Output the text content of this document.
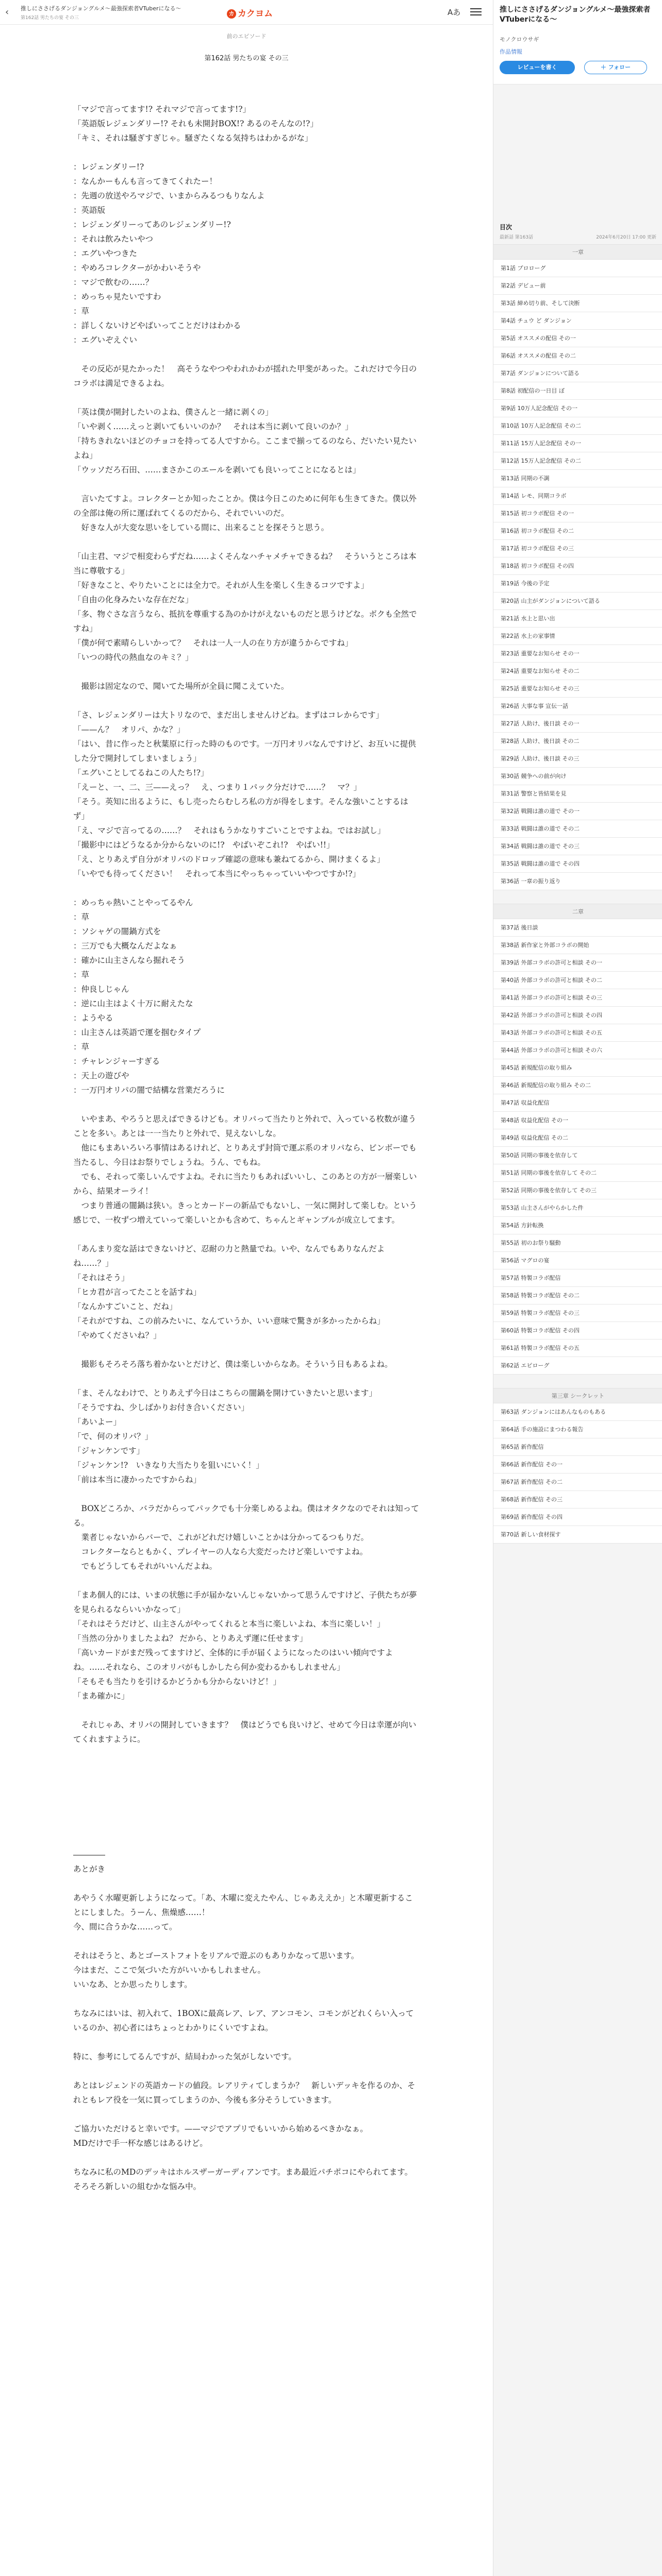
‹	推しにささげるダンジョングルメ～最強探索者VTuberになる～
第162話 男たちの宴 その三
カ カクヨム	Aあ
前のエピソード
第162話 男たちの宴 その三

「マジで言ってます!? それマジで言ってます!?」

「英語版レジェンダリー!? それも未開封BOX!? あるのそんなの!?」

「キミ、それは騒ぎすぎじゃ。騒ぎたくなる気持ちはわかるがな」

：レジェンダリー!?

：なんかーもんも言ってきてくれたー！

：先週の放送やろマジで、いまからみるつもりなんよ

：英語版

：レジェンダリーってあのレジェンダリー!?

：それは飲みたいやつ

：エグいやつきた

：やめろコレクターがかわいそうや

：マジで飲むの……？

：めっちゃ見たいですわ

：草

：詳しくないけどやばいってことだけはわかる

：エグいぞえぐい

　その反応が見たかった！　高そうなやつやわれかわが揺れた甲斐があった。これだけで今日のコラボは満足できるよね。

「英は僕が開封したいのよね、僕さんと一緒に剥くの」

「いや剥く……えっと剥いてもいいのか？　それは本当に剥いて良いのか？」

「持ちきれないほどのチョコを持ってる人ですから。ここまで揃ってるのなら、だいたい見たいよね」

「ウッソだろ石田、……まさかこのエールを剥いても良いってことになるとは」

　言いたてすよ。コレクターとか知ったことか。僕は今日このために何年も生きてきた。僕以外の全部は俺の所に運ばれてくるのだから、それでいいのだ。

　好きな人が大変な思いをしている間に、出来ることを探そうと思う。

「山主君、マジで相変わらずだね……よくそんなハチャメチャできるね？　そういうところは本当に尊敬する」

「好きなこと、やりたいことには全力で。それが人生を楽しく生きるコツですよ」

「自由の化身みたいな存在だな」

「多、物ぐさな言うなら、抵抗を尊重する為のかけがえないものだと思うけどな。ボクも全然ですね」

「僕が何で素晴らしいかって？　それは一人一人の在り方が違うからですね」

「いつの時代の熱血なのキミ？」

　撮影は固定なので、聞いてた場所が全員に聞こえていた。

「さ、レジェンダリーは大トリなので、まだ出しませんけどね。まずはコレからです」

「——ん？　オリパ、かな？」

「はい、昔に作ったと秋葉原に行った時のものです。一万円オリパなんですけど、お互いに提供した分で開封してしまいましょう」

「エグいことしてるねこの人たち!?」

「えーと、一、二、三——えっ？　え、つまり１パック分だけで……？　マ？」

「そう。英知に出るように、もし売ったらむしろ私の方が得をします。そんな強いことするはず」

「え、マジで言ってるの……？　それはもうかなりすごいことですよね。ではお試し」

「撮影中にはどうなるか分からないのに!?　やばいぞこれ!?　やばい!!」

「え、とりあえず自分がオリパのドロップ確認の意味も兼ねてるから、開けまくるよ」

「いやでも待ってください！　それって本当にやっちゃっていいやつですか!?」

：めっちゃ熱いことやってるやん

：草

：ソシャゲの闇鍋方式を

：三万でも大概なんだよなぁ

：確かに山主さんなら掘れそう

：草

：仲良しじゃん

：逆に山主はよく十万に耐えたな

：ようやる

：山主さんは英語で運を掴むタイプ

：草

：チャレンジャーすぎる

：天上の遊びや

：一万円オリパの闇で結構な営業だろうに

　いやまあ、やろうと思えばできるけども。オリパって当たりと外れで、入っている枚数が違うことを多い。あとは一一当たりと外れで、見えないしな。

　他にもまあいろいろ事情はあるけれど、とりあえず封筒で運ぶ系のオリパなら、ビンボーでも当たるし、今日はお祭りでしょうね。うん、でもね。

　でも、それって楽しいんですよね。それに当たりもあればいいし、このあとの方が一層楽しいから、結果オーライ！

　つまり普通の闇鍋は狭い。きっとカードーの新品でもないし、一気に開封して楽しむ。という感じで、一枚ずつ増えていって楽しいとかも含めて、ちゃんとギャンブルが成立してます。

「あんまり変な話はできないけど、忍耐の力と熱量でね。いや、なんでもありなんだよね……？」

「それはそう」

「ヒカ君が言ってたことを話すね」

「なんかすごいこと、だね」

「それがですね、この前みたいに、なんていうか、いい意味で驚きが多かったからね」

「やめてくださいね？」

　撮影もそろそろ落ち着かないとだけど、僕は楽しいからなあ。そういう日もあるよね。

「ま、そんなわけで、とりあえず今日はこちらの闇鍋を開けていきたいと思います」

「そうですね、少しばかりお付き合いください」

「あいよー」

「で、何のオリパ？」

「ジャンケンです」

「ジャンケン!?　いきなり大当たりを狙いにいく！」

「前は本当に凄かったですからね」

　BOXどころか、バラだからってパックでも十分楽しめるよね。僕はオタクなのでそれは知ってる。

　業者じゃないからバーで、これがどれだけ嬉しいことかは分かってるつもりだ。

　コレクターならともかく、プレイヤーの人なら大変だったけど楽しいですよね。

　でもどうしてもそれがいいんだよね。

「まあ個人的には、いまの状態に手が届かないんじゃないかって思うんですけど、子供たちが夢を見られるならいいかなって」

「それはそうだけど、山主さんがやってくれると本当に楽しいよね、本当に楽しい！」

「当然の分かりましたよね？ だから、とりあえず運に任せます」

「高いカードがまだ残ってますけど、全体的に手が届くようになったのはいい傾向ですよね。……それなら、このオリパがもしかしたら何か変わるかもしれません」

「そもそも当たりを引けるかどうかも分からないけど！」

「まあ確かに」

　それじゃあ、オリパの開封していきます？　僕はどうでも良いけど、せめて今日は幸運が向いてくれますように。

――――

あとがき

あやうく水曜更新しようになって。「あ、木曜に変えたやん、じゃあええか」と木曜更新することにしました。うーん、焦燥感……！

今、間に合うかな……って。

それはそうと、あとゴーストフォトをリアルで遊ぶのもありかなって思います。

今はまだ、ここで気づいた方がいいかもしれません。

いいなあ、とか思ったりします。

ちなみにはいは、初入れて、1BOXに最高レア、レア、アンコモン、コモンがどれくらい入っているのか、初心者にはちょっとわかりにくいですよね。

特に、参考にしてるんですが、結局わかった気がしないです。

あとはレジェンドの英語カードの値段。レアリティてしまうか？　新しいデッキを作るのか、それともレア役を一気に買ってしまうのか、今後も多分そうしていきます。

ご協力いただけると幸いです。——マジでアプリでもいいから始めるべきかなぁ。

MDだけで手一杯な感じはあるけど。

ちなみに私のMDのデッキはホルスザーガーディアンです。まあ最近パチポコにやられてます。そろそろ新しいの組むかな悩み中。

推しにささげるダンジョングルメ～最強探索者VTuberになる～
モノクロウサギ
作品情報
レビューを書く	＋ フォロー
目次
最新話 第163話	2024年6月20日 17:00 更新
一章
第1話 プロローグ
第2話 デビュー前
第3話 締め切り前、そして決断
第4話 チュウ ど ダンジョン
第5話 オススメの配信 その一
第6話 オススメの配信 その二
第7話 ダンジョンについて語る
第8話 初配信の一日目 ぼ
第9話 10万人記念配信 その一
第10話 10万人記念配信 その二
第11話 15万人記念配信 その一
第12話 15万人記念配信 その二
第13話 同期の不調
第14話 レモ、同期コラボ
第15話 初コラボ配信 その一
第16話 初コラボ配信 その二
第17話 初コラボ配信 その三
第18話 初コラボ配信 その四
第19話 今後の予定
第20話 山主がダンジョンについて語る
第21話 水上と思い出
第22話 水上の家事情
第23話 重要なお知らせ その一
第24話 重要なお知らせ その二
第25話 重要なお知らせ その三
第26話 大事な事 宣伝一話
第27話 人助け、後日談 その一
第28話 人助け、後日談 その二
第29話 人助け、後日談 その三
第30話 競争への前が向け
第31話 警察と皆結果を見
第32話 戦闘は誰の道で その一
第33話 戦闘は誰の道で その二
第34話 戦闘は誰の道で その三
第35話 戦闘は誰の道で その四
第36話 一章の振り返り
二章
第37話 後日談
第38話 新作家と外部コラボの開始
第39話 外部コラボの許可と相談 その一
第40話 外部コラボの許可と相談 その二
第41話 外部コラボの許可と相談 その三
第42話 外部コラボの許可と相談 その四
第43話 外部コラボの許可と相談 その五
第44話 外部コラボの許可と相談 その六
第45話 新規配信の取り組み
第46話 新規配信の取り組み その二
第47話 収益化配信
第48話 収益化配信 その一
第49話 収益化配信 その二
第50話 同期の事後を依存して
第51話 同期の事後を依存して その二
第52話 同期の事後を依存して その三
第53話 山主さんがやらかした件
第54話 方針転換
第55話 初のお祭り騒動
第56話 マグロの宴
第57話 特製コラボ配信
第58話 特製コラボ配信 その二
第59話 特製コラボ配信 その三
第60話 特製コラボ配信 その四
第61話 特製コラボ配信 その五
第62話 エピローグ
第三章 シークレット
第63話 ダンジョンにはあんなものもある
第64話 手の施設にまつわる報告
第65話 新作配信
第66話 新作配信 その一
第67話 新作配信 その二
第68話 新作配信 その三
第69話 新作配信 その四
第70話 新しい食材探す
